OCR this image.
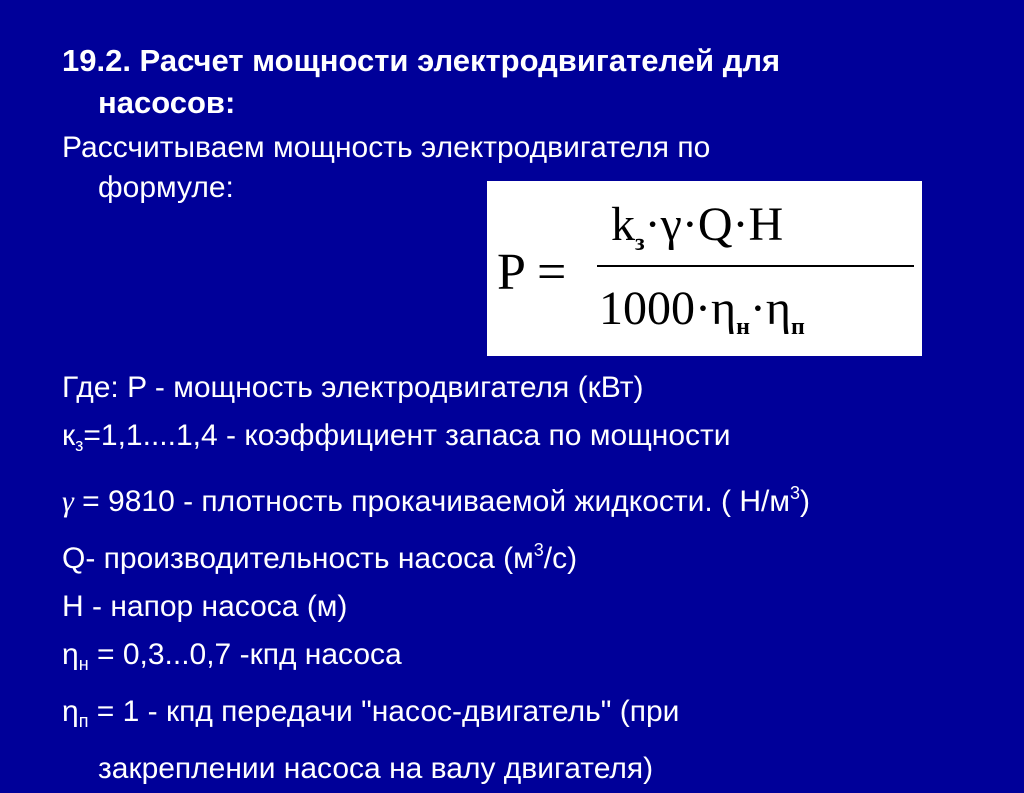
19.2. Расчет мощности электродвигателей для
насосов:
Рассчитываем мощность электродвигателя по
формуле:
P =
$k_з\cdot\gamma\cdot Q\cdot H$
$1000\cdot\eta_н\cdot\eta_п$
Где: P - мощность электродвигателя (кВт)
$к_з=1,1....1,4$ - коэффициент запаса по мощности
γ = 9810 - плотность прокачиваемой жидкости. ( $Н/м^3$)
Q- производительность насоса $(м^3/с)$
H - напор насоса (м)
$\eta_н = 0,3...0,7$ -кпд насоса
$\eta_п = 1$ - кпд передачи "насос-двигатель" (при
закреплении насоса на валу двигателя)
